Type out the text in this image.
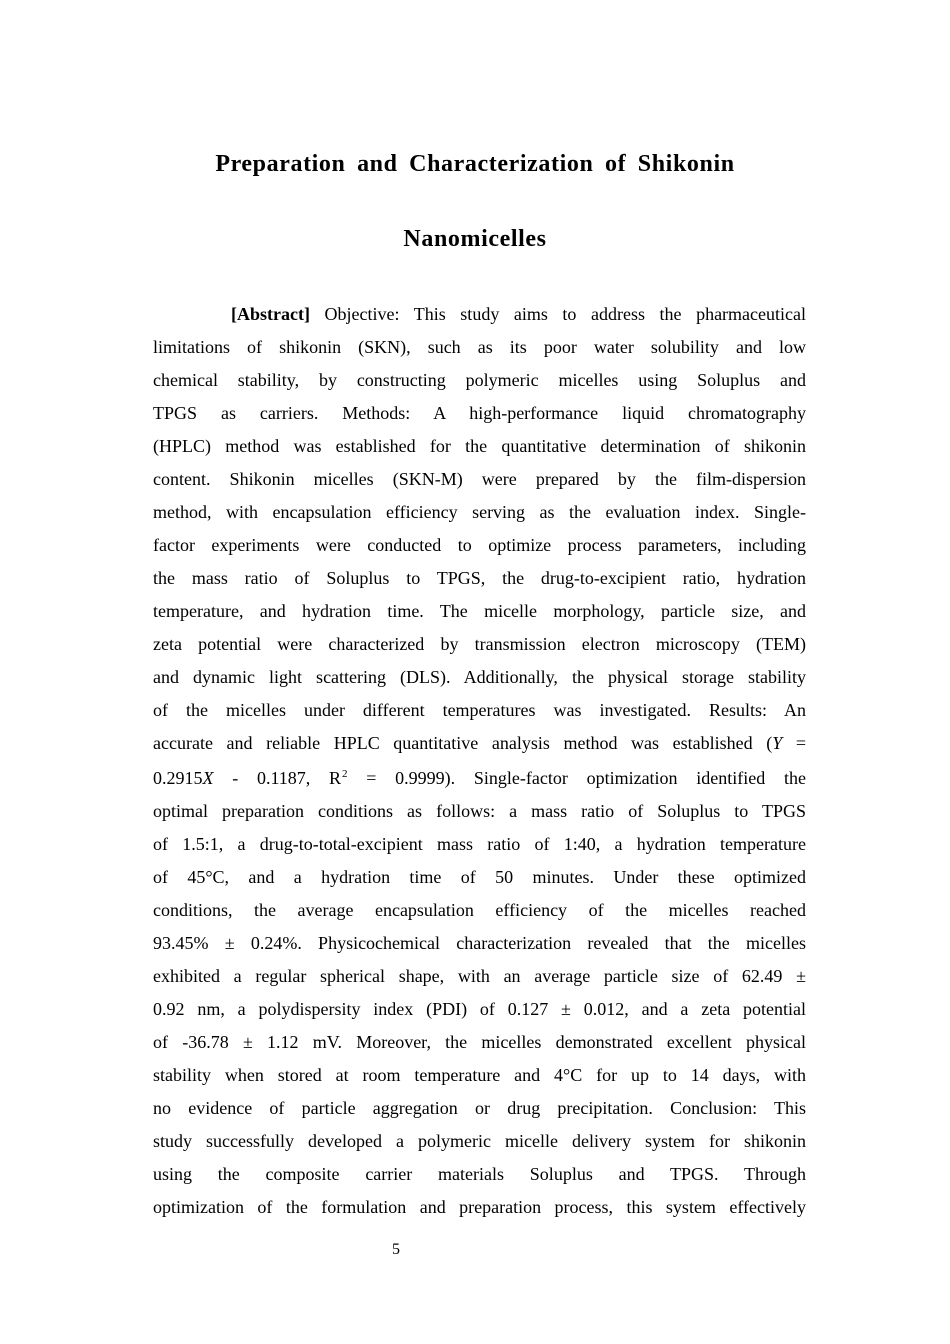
Preparation and Characterization of Shikonin
Nanomicelles
[Abstract] Objective: This study aims to address the pharmaceutical
limitations of shikonin (SKN), such as its poor water solubility and low
chemical stability, by constructing polymeric micelles using Soluplus and
TPGS as carriers. Methods: A high-performance liquid chromatography
(HPLC) method was established for the quantitative determination of shikonin
content. Shikonin micelles (SKN-M) were prepared by the film-dispersion
method, with encapsulation efficiency serving as the evaluation index. Single-
factor experiments were conducted to optimize process parameters, including
the mass ratio of Soluplus to TPGS, the drug-to-excipient ratio, hydration
temperature, and hydration time. The micelle morphology, particle size, and
zeta potential were characterized by transmission electron microscopy (TEM)
and dynamic light scattering (DLS). Additionally, the physical storage stability
of the micelles under different temperatures was investigated. Results: An
accurate and reliable HPLC quantitative analysis method was established (Y =
0.2915X - 0.1187, $R^2 = 0.9999$). Single-factor optimization identified the
optimal preparation conditions as follows: a mass ratio of Soluplus to TPGS
of 1.5:1, a drug-to-total-excipient mass ratio of 1:40, a hydration temperature
of 45°C, and a hydration time of 50 minutes. Under these optimized
conditions, the average encapsulation efficiency of the micelles reached
93.45% ± 0.24%. Physicochemical characterization revealed that the micelles
exhibited a regular spherical shape, with an average particle size of 62.49 ±
0.92 nm, a polydispersity index (PDI) of 0.127 ± 0.012, and a zeta potential
of -36.78 ± 1.12 mV. Moreover, the micelles demonstrated excellent physical
stability when stored at room temperature and 4°C for up to 14 days, with
no evidence of particle aggregation or drug precipitation. Conclusion: This
study successfully developed a polymeric micelle delivery system for shikonin
using the composite carrier materials Soluplus and TPGS. Through
optimization of the formulation and preparation process, this system effectively
5
